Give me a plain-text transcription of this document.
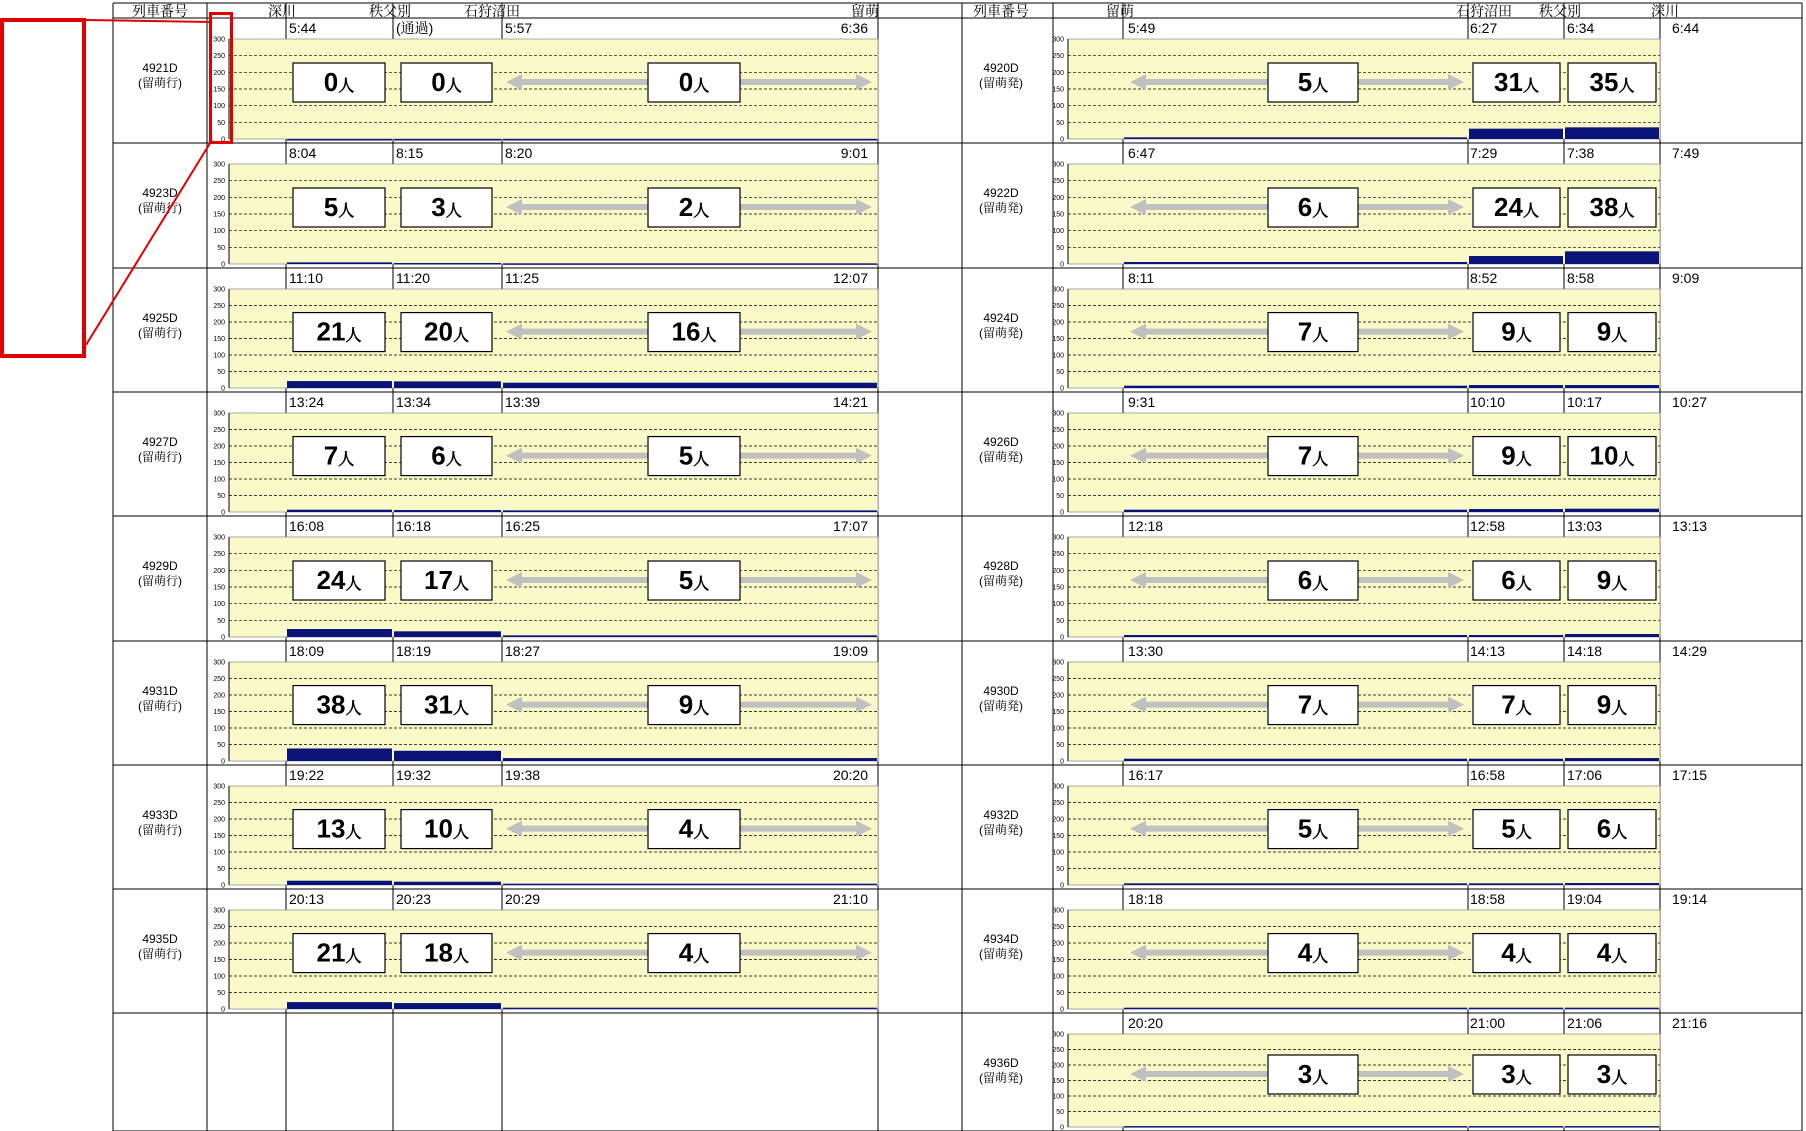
列車番号	深川	秩父別	石狩沼田	留萌	列車番号	留萌	石狩沼田 秩父別	深川
4921D
(留萌行)
5:44	(通過)	5:57	6:36
300
250
200
150
100
50
0
0人	0人	0人
4923D
(留萌行)
8:04	8:15	8:20	9:01
300
250
200
150
100
50
0
5人	3人	2人
4925D
(留萌行)
11:10	11:20	11:25	12:07
300
250
200
150
100
50
0
21人 20人	16人
4927D
(留萌行)
13:24	13:34	13:39	14:21
300
250
200
150
100
50
0
7人	6人	5人
4929D
(留萌行)
16:08	16:18	16:25	17:07
300
250
200
150
100
50
0
24人 17人	5人
4931D
(留萌行)
18:09	18:19	18:27	19:09
300
250
200
150
100
50
0
38人 31人	9人
4933D
(留萌行)
19:22	19:32	19:38	20:20
300
250
200
150
100
50
0
13人 10人	4人
4935D
(留萌行)
20:13	20:23	20:29	21:10
300
250
200
150
100
50
0
21人 18人	4人
4920D
(留萌発)
5:49	6:27	6:34	6:44
300
250
200
150
100
50
0
5人	31人 35人
4922D
(留萌発)
6:47	7:29	7:38	7:49
300
250
200
150
100
50
0
6人	24人 38人
4924D
(留萌発)
8:11	8:52	8:58	9:09
300
250
200
150
100
50
0
7人	9人	9人
4926D
(留萌発)
9:31	10:10	10:17	10:27
300
250
200
150
100
50
0
7人	9人 10人
4928D
(留萌発)
12:18	12:58	13:03	13:13
300
250
200
150
100
50
0
6人	6人	9人
4930D
(留萌発)
13:30	14:13	14:18	14:29
300
250
200
150
100
50
0
7人	7人	9人
4932D
(留萌発)
16:17	16:58	17:06	17:15
300
250
200
150
100
50
0
5人	5人	6人
4934D
(留萌発)
18:18	18:58	19:04	19:14
300
250
200
150
100
50
0
4人	4人	4人
4936D
(留萌発)
20:20	21:00	21:06	21:16
300
250
200
150
100
50
0
3人	3人	3人
